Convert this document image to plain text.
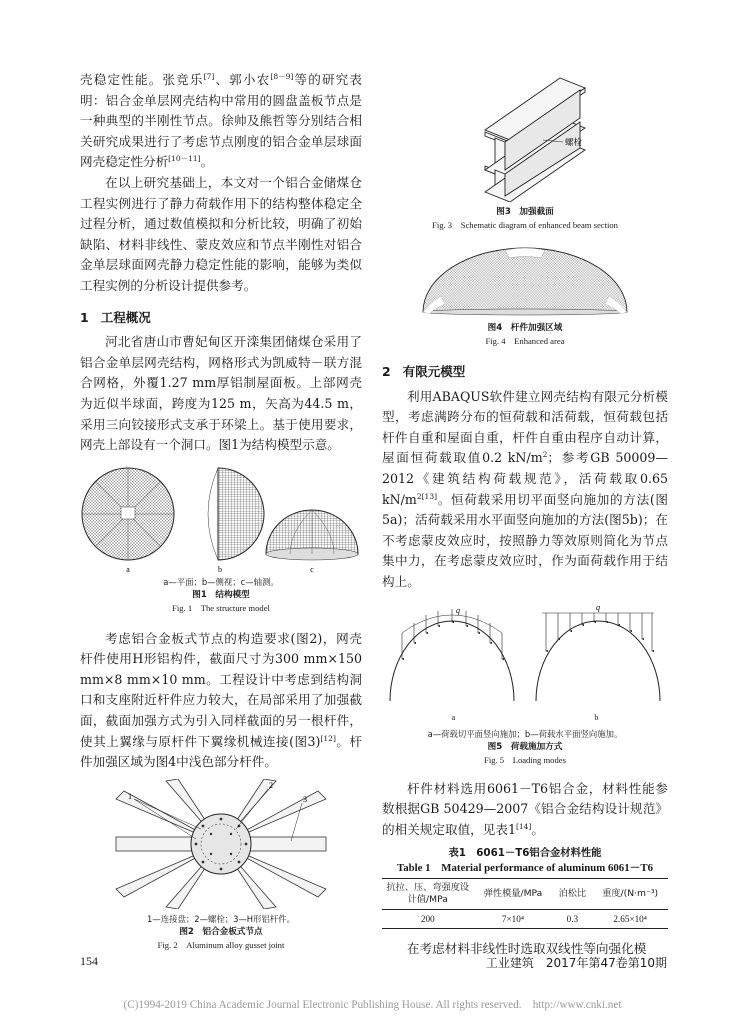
壳稳定性能。张竞乐[7]、郭小农[8－9]等的研究表明：铝合金单层网壳结构中常用的圆盘盖板节点是一种典型的半刚性节点。徐帅及熊哲等分别结合相关研究成果进行了考虑节点刚度的铝合金单层球面网壳稳定性分析[10－11]。

在以上研究基础上，本文对一个铝合金储煤仓工程实例进行了静力荷载作用下的结构整体稳定全过程分析，通过数值模拟和分析比较，明确了初始缺陷、材料非线性、蒙皮效应和节点半刚性对铝合金单层球面网壳静力稳定性能的影响，能够为类似工程实例的分析设计提供参考。

1 工程概况

河北省唐山市曹妃甸区开滦集团储煤仓采用了铝合金单层网壳结构，网格形式为凯威特－联方混合网格，外覆1.27 mm厚铝制屋面板。上部网壳为近似半球面，跨度为125 m，矢高为44.5 m，采用三向铰接形式支承于环梁上。基于使用要求，网壳上部设有一个洞口。图1为结构模型示意。

a	b	c
a—平面；b—侧视；c—轴测。
图1　结构模型
Fig. 1　The structure model

考虑铝合金板式节点的构造要求(图2)，网壳杆件使用H形铝构件，截面尺寸为300 mm×150 mm×8 mm×10 mm。工程设计中考虑到结构洞口和支座附近杆件应力较大，在局部采用了加强截面，截面加强方式为引入同样截面的另一根杆件，使其上翼缘与原杆件下翼缘机械连接(图3)[12]。杆件加强区域为图4中浅色部分杆件。

1
2
3
1—连接盘；2—螺栓；3—H形铝杆件。
图2　铝合金板式节点
Fig. 2　Aluminum alloy gusset joint
螺栓
图3　加强截面
Fig. 3　Schematic diagram of enhanced beam section
图4　杆件加强区域
Fig. 4　Enhanced area
2 有限元模型

利用ABAQUS软件建立网壳结构有限元分析模型，考虑满跨分布的恒荷载和活荷载，恒荷载包括杆件自重和屋面自重，杆件自重由程序自动计算，屋面恒荷载取值0.2 $kN/m^2$；参考GB 50009—2012《建筑结构荷载规范》，活荷载取0.65 $kN/m^{2[13]}$。恒荷载采用切平面竖向施加的方法(图5a)；活荷载采用水平面竖向施加的方法(图5b)；在不考虑蒙皮效应时，按照静力等效原则简化为节点集中力，在考虑蒙皮效应时，作为面荷载作用于结构上。

q	q
a	b
a—荷载切平面竖向施加；b—荷载水平面竖向施加。
图5　荷载施加方式
Fig. 5　Loading modes

杆件材料选用6061－T6铝合金，材料性能参数根据GB 50429—2007《铝合金结构设计规范》的相关规定取值，见表1[14]。

表1　6061－T6铝合金材料性能
Table 1　Material performance of aluminum 6061－T6
抗拉、压、弯强度设计值/MPa	弹性模量/MPa	泊松比	重度/(N·m⁻³)
200	7×10⁴	0.3	2.65×10⁴

在考虑材料非线性时选取双线性等向强化模

154	工业建筑　2017年第47卷第10期
(C)1994-2019 China Academic Journal Electronic Publishing House. All rights reserved.　http://www.cnki.net
